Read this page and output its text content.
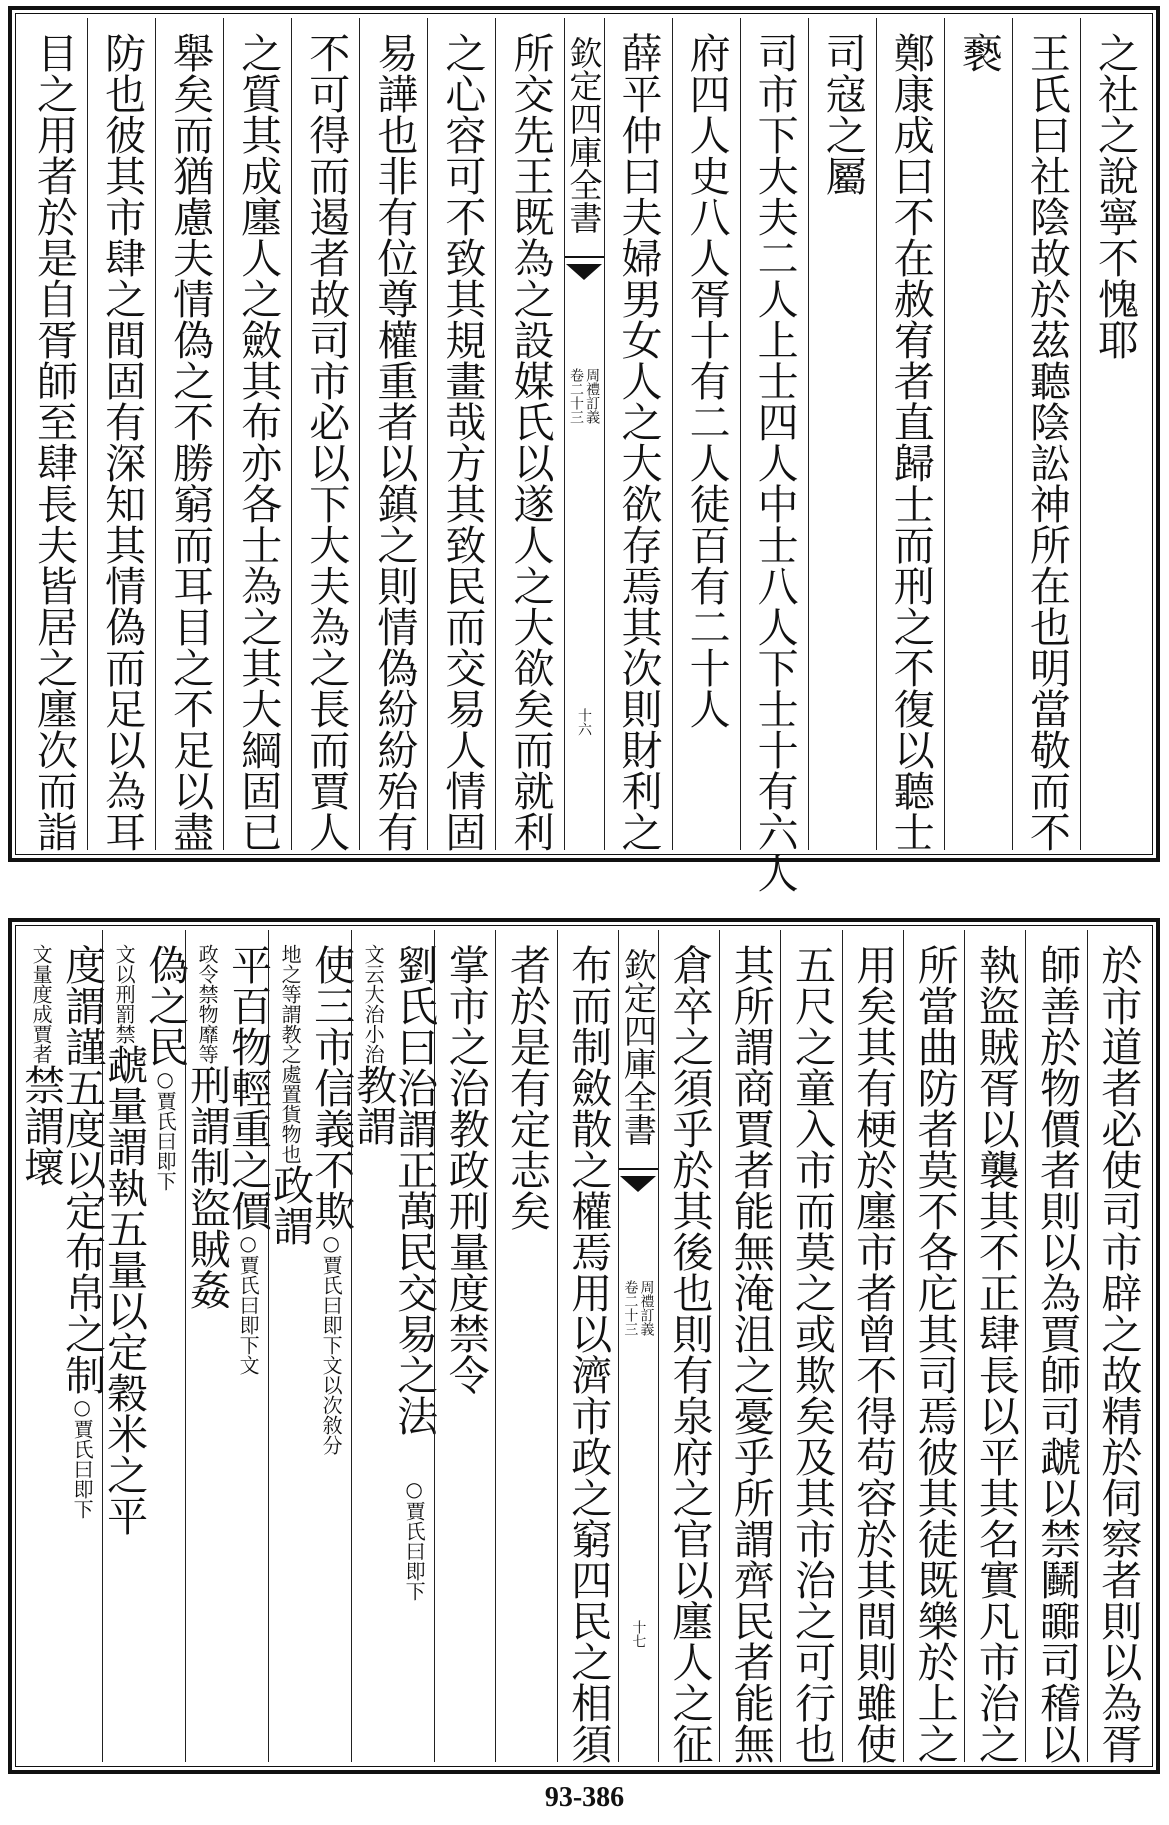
之社之說寧不愧耶
王氏曰社陰故於茲聽陰訟神所在也明當敬而不
褻
鄭康成曰不在赦宥者直歸士而刑之不復以聽士
司寇之屬
司市下大夫二人上士四人中士八人下士十有六人
府四人史八人胥十有二人徒百有二十人
薛平仲曰夫婦男女人之大欲存焉其次則財利之
欽定四庫全書
周禮訂義
卷二十三
十六
所交先王既為之設媒氏以遂人之大欲矣而就利
之心容可不致其規畫哉方其致民而交易人情固
易譁也非有位尊權重者以鎮之則情偽紛紛殆有
不可得而遏者故司市必以下大夫為之長而賈人
之質其成廛人之斂其布亦各士為之其大綱固已
舉矣而猶慮夫情偽之不勝窮而耳目之不足以盡
防也彼其市肆之間固有深知其情偽而足以為耳
目之用者於是自胥師至肆長夫皆居之廛次而詣
於市道者必使司市辟之故精於伺察者則以為胥
師善於物價者則以為賈師司虣以禁鬭嚻司稽以
執盜賊胥以襲其不正肆長以平其名實凡市治之
所當曲防者莫不各庀其司焉彼其徒既樂於上之
用矣其有梗於廛市者曾不得苟容於其間則雖使
五尺之童入市而莫之或欺矣及其市治之可行也
其所謂商賈者能無淹沮之憂乎所謂齊民者能無
倉卒之須乎於其後也則有泉府之官以廛人之征
欽定四庫全書
周禮訂義
卷二十三
十七
布而制斂散之權焉用以濟市政之窮四民之相須
者於是有定志矣
掌市之治教政刑量度禁令
劉氏曰治謂正萬民交易之法○賈氏曰即下
文云大治小治教謂
使三市信義不欺○賈氏曰即下文以次敘分
地之等謂教之處置貨物也政謂
平百物輕重之價○賈氏曰即下文
政令禁物靡等刑謂制盜賊姦
偽之民○賈氏曰即下
文以刑罰禁虣量謂執五量以定穀米之平
度謂謹五度以定布帛之制○賈氏曰即下
文量度成賈者禁謂壞
93-386
